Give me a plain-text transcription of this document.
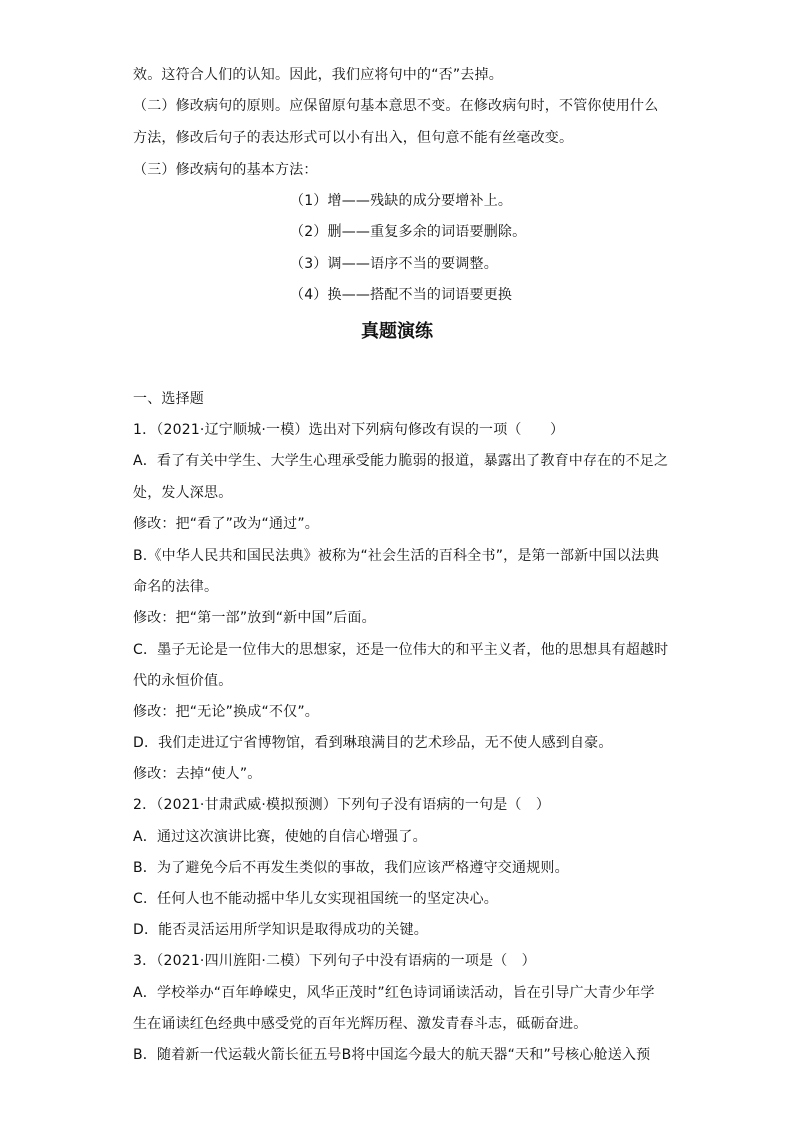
效。这符合人们的认知。因此，我们应将句中的“否”去掉。
（二）修改病句的原则。应保留原句基本意思不变。在修改病句时，不管你使用什么
方法，修改后句子的表达形式可以小有出入，但句意不能有丝毫改变。
（三）修改病句的基本方法：
（1）增——残缺的成分要增补上。
（2）删——重复多余的词语要删除。
（3）调——语序不当的要调整。
（4）换——搭配不当的词语要更换
真题演练
一、选择题
1．（2021·辽宁顺城·一模）选出对下列病句修改有误的一项（　　）
A．看了有关中学生、大学生心理承受能力脆弱的报道，暴露出了教育中存在的不足之
处，发人深思。
修改：把“看了”改为“通过”。
B.《中华人民共和国民法典》被称为“社会生活的百科全书”，是第一部新中国以法典
命名的法律。
修改：把“第一部”放到“新中国”后面。
C．墨子无论是一位伟大的思想家，还是一位伟大的和平主义者，他的思想具有超越时
代的永恒价值。
修改：把“无论”换成“不仅”。
D．我们走进辽宁省博物馆，看到琳琅满目的艺术珍品，无不使人感到自豪。
修改：去掉“使人”。
2．（2021·甘肃武威·模拟预测）下列句子没有语病的一句是（　）
A．通过这次演讲比赛，使她的自信心增强了。
B．为了避免今后不再发生类似的事故，我们应该严格遵守交通规则。
C．任何人也不能动摇中华儿女实现祖国统一的坚定决心。
D．能否灵活运用所学知识是取得成功的关键。
3．（2021·四川旌阳·二模）下列句子中没有语病的一项是（　）
A．学校举办“百年峥嵘史，风华正茂时”红色诗词诵读活动，旨在引导广大青少年学
生在诵读红色经典中感受党的百年光辉历程、激发青春斗志，砥砺奋进。
B．随着新一代运载火箭长征五号B将中国迄今最大的航天器“天和”号核心舱送入预
